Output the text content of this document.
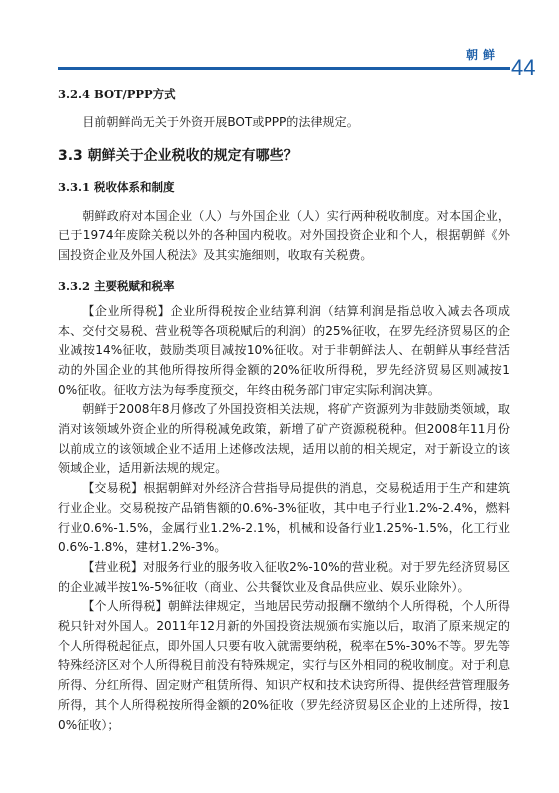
朝鲜 44
3.2.4 BOT/PPP方式

目前朝鲜尚无关于外资开展BOT或PPP的法律规定。

3.3 朝鲜关于企业税收的规定有哪些？
3.3.1 税收体系和制度

朝鲜政府对本国企业（人）与外国企业（人）实行两种税收制度。对本国企业，已于1974年废除关税以外的各种国内税收。对外国投资企业和个人，根据朝鲜《外国投资企业及外国人税法》及其实施细则，收取有关税费。

3.3.2 主要税赋和税率

【企业所得税】企业所得税按企业结算利润（结算利润是指总收入减去各项成本、交付交易税、营业税等各项税赋后的利润）的25%征收，在罗先经济贸易区的企业减按14%征收，鼓励类项目减按10%征收。对于非朝鲜法人、在朝鲜从事经营活动的外国企业的其他所得按所得金额的20%征收所得税，罗先经济贸易区则减按10%征收。征收方法为每季度预交，年终由税务部门审定实际利润决算。

朝鲜于2008年8月修改了外国投资相关法规，将矿产资源列为非鼓励类领域，取消对该领域外资企业的所得税减免政策，新增了矿产资源税税种。但2008年11月份以前成立的该领域企业不适用上述修改法规，适用以前的相关规定，对于新设立的该领域企业，适用新法规的规定。

【交易税】根据朝鲜对外经济合营指导局提供的消息，交易税适用于生产和建筑行业企业。交易税按产品销售额的0.6%-3%征收，其中电子行业1.2%-2.4%，燃料行业0.6%-1.5%，金属行业1.2%-2.1%，机械和设备行业1.25%-1.5%，化工行业0.6%-1.8%，建材1.2%-3%。

【营业税】对服务行业的服务收入征收2%-10%的营业税。对于罗先经济贸易区的企业减半按1%-5%征收（商业、公共餐饮业及食品供应业、娱乐业除外）。

【个人所得税】朝鲜法律规定，当地居民劳动报酬不缴纳个人所得税，个人所得税只针对外国人。2011年12月新的外国投资法规颁布实施以后，取消了原来规定的个人所得税起征点，即外国人只要有收入就需要纳税，税率在5%-30%不等。罗先等特殊经济区对个人所得税目前没有特殊规定，实行与区外相同的税收制度。对于利息所得、分红所得、固定财产租赁所得、知识产权和技术诀窍所得、提供经营管理服务所得，其个人所得税按所得金额的20%征收（罗先经济贸易区企业的上述所得，按10%征收）；
